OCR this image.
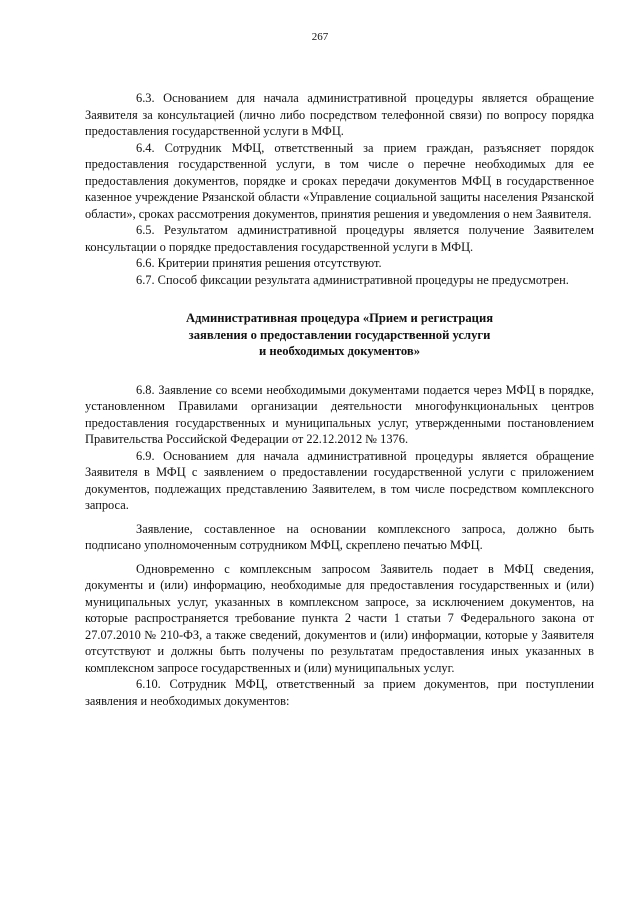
267

6.3. Основанием для начала административной процедуры является обращение Заявителя за консультацией (лично либо посредством телефонной связи) по вопросу порядка предоставления государственной услуги в МФЦ.

6.4. Сотрудник МФЦ, ответственный за прием граждан, разъясняет порядок предоставления государственной услуги, в том числе о перечне необходимых для ее предоставления документов, порядке и сроках передачи документов МФЦ в государственное казенное учреждение Рязанской области «Управление социальной защиты населения Рязанской области», сроках рассмотрения документов, принятия решения и уведомления о нем Заявителя.

6.5. Результатом административной процедуры является получение Заявителем консультации о порядке предоставления государственной услуги в МФЦ.

6.6. Критерии принятия решения отсутствуют.

6.7. Способ фиксации результата административной процедуры не предусмотрен.

Административная процедура «Прием и регистрация
заявления о предоставлении государственной услуги
и необходимых документов»

6.8. Заявление со всеми необходимыми документами подается через МФЦ в порядке, установленном Правилами организации деятельности многофункциональных центров предоставления государственных и муниципальных услуг, утвержденными постановлением Правительства Российской Федерации от 22.12.2012 № 1376.

6.9. Основанием для начала административной процедуры является обращение Заявителя в МФЦ с заявлением о предоставлении государственной услуги с приложением документов, подлежащих представлению Заявителем, в том числе посредством комплексного запроса.

Заявление, составленное на основании комплексного запроса, должно быть подписано уполномоченным сотрудником МФЦ, скреплено печатью МФЦ.

Одновременно с комплексным запросом Заявитель подает в МФЦ сведения, документы и (или) информацию, необходимые для предоставления государственных и (или) муниципальных услуг, указанных в комплексном запросе, за исключением документов, на которые распространяется требование пункта 2 части 1 статьи 7 Федерального закона от 27.07.2010 № 210-ФЗ, а также сведений, документов и (или) информации, которые у Заявителя отсутствуют и должны быть получены по результатам предоставления иных указанных в комплексном запросе государственных и (или) муниципальных услуг.

6.10. Сотрудник МФЦ, ответственный за прием документов, при поступлении заявления и необходимых документов:
